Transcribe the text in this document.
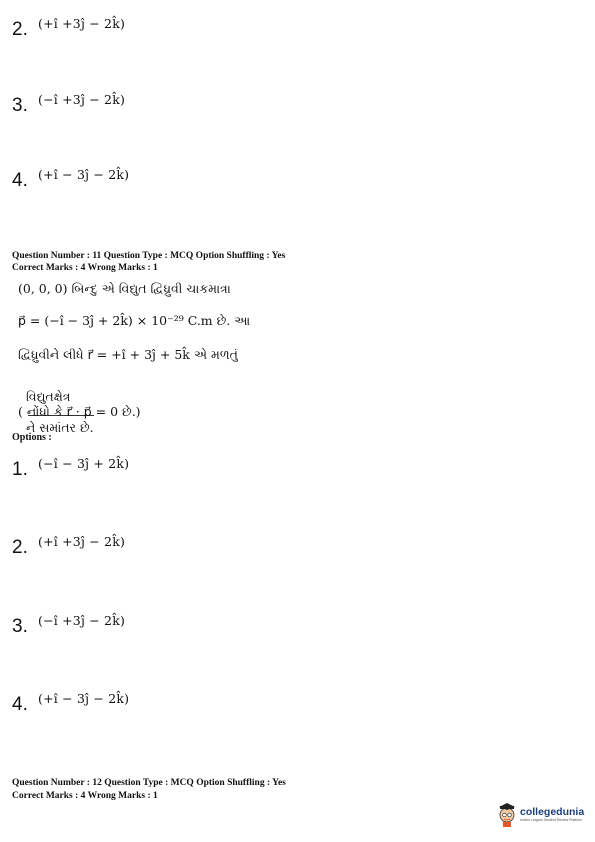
2. (+î +3ĵ − 2k̂)
3. (−î +3ĵ − 2k̂)
4. (+î − 3ĵ − 2k̂)
Question Number : 11 Question Type : MCQ Option Shuffling : Yes
Correct Marks : 4 Wrong Marks : 1
(0, 0, 0) બિન્દુ એ વિદ્યુત દ્વિધ્રુવી ચાકમાત્રા
p⃗ = (−î − 3ĵ + 2k̂) × 10⁻²⁹ C.m છે. આ
દ્વિધ્રુવીને લીધે r⃗ = +î + 3ĵ + 5k̂ એ મળતું

વિદ્યુતક્ષેત્ર

ને સમાંતર છે.

( નોંધો કે r⃗ · p⃗ = 0 છે.)
Options :
1. (−î − 3ĵ + 2k̂)
2. (+î +3ĵ − 2k̂)
3. (−î +3ĵ − 2k̂)
4. (+î − 3ĵ − 2k̂)
Question Number : 12 Question Type : MCQ Option Shuffling : Yes
Correct Marks : 4 Wrong Marks : 1
collegedunia
India's Largest Student Review Platform
